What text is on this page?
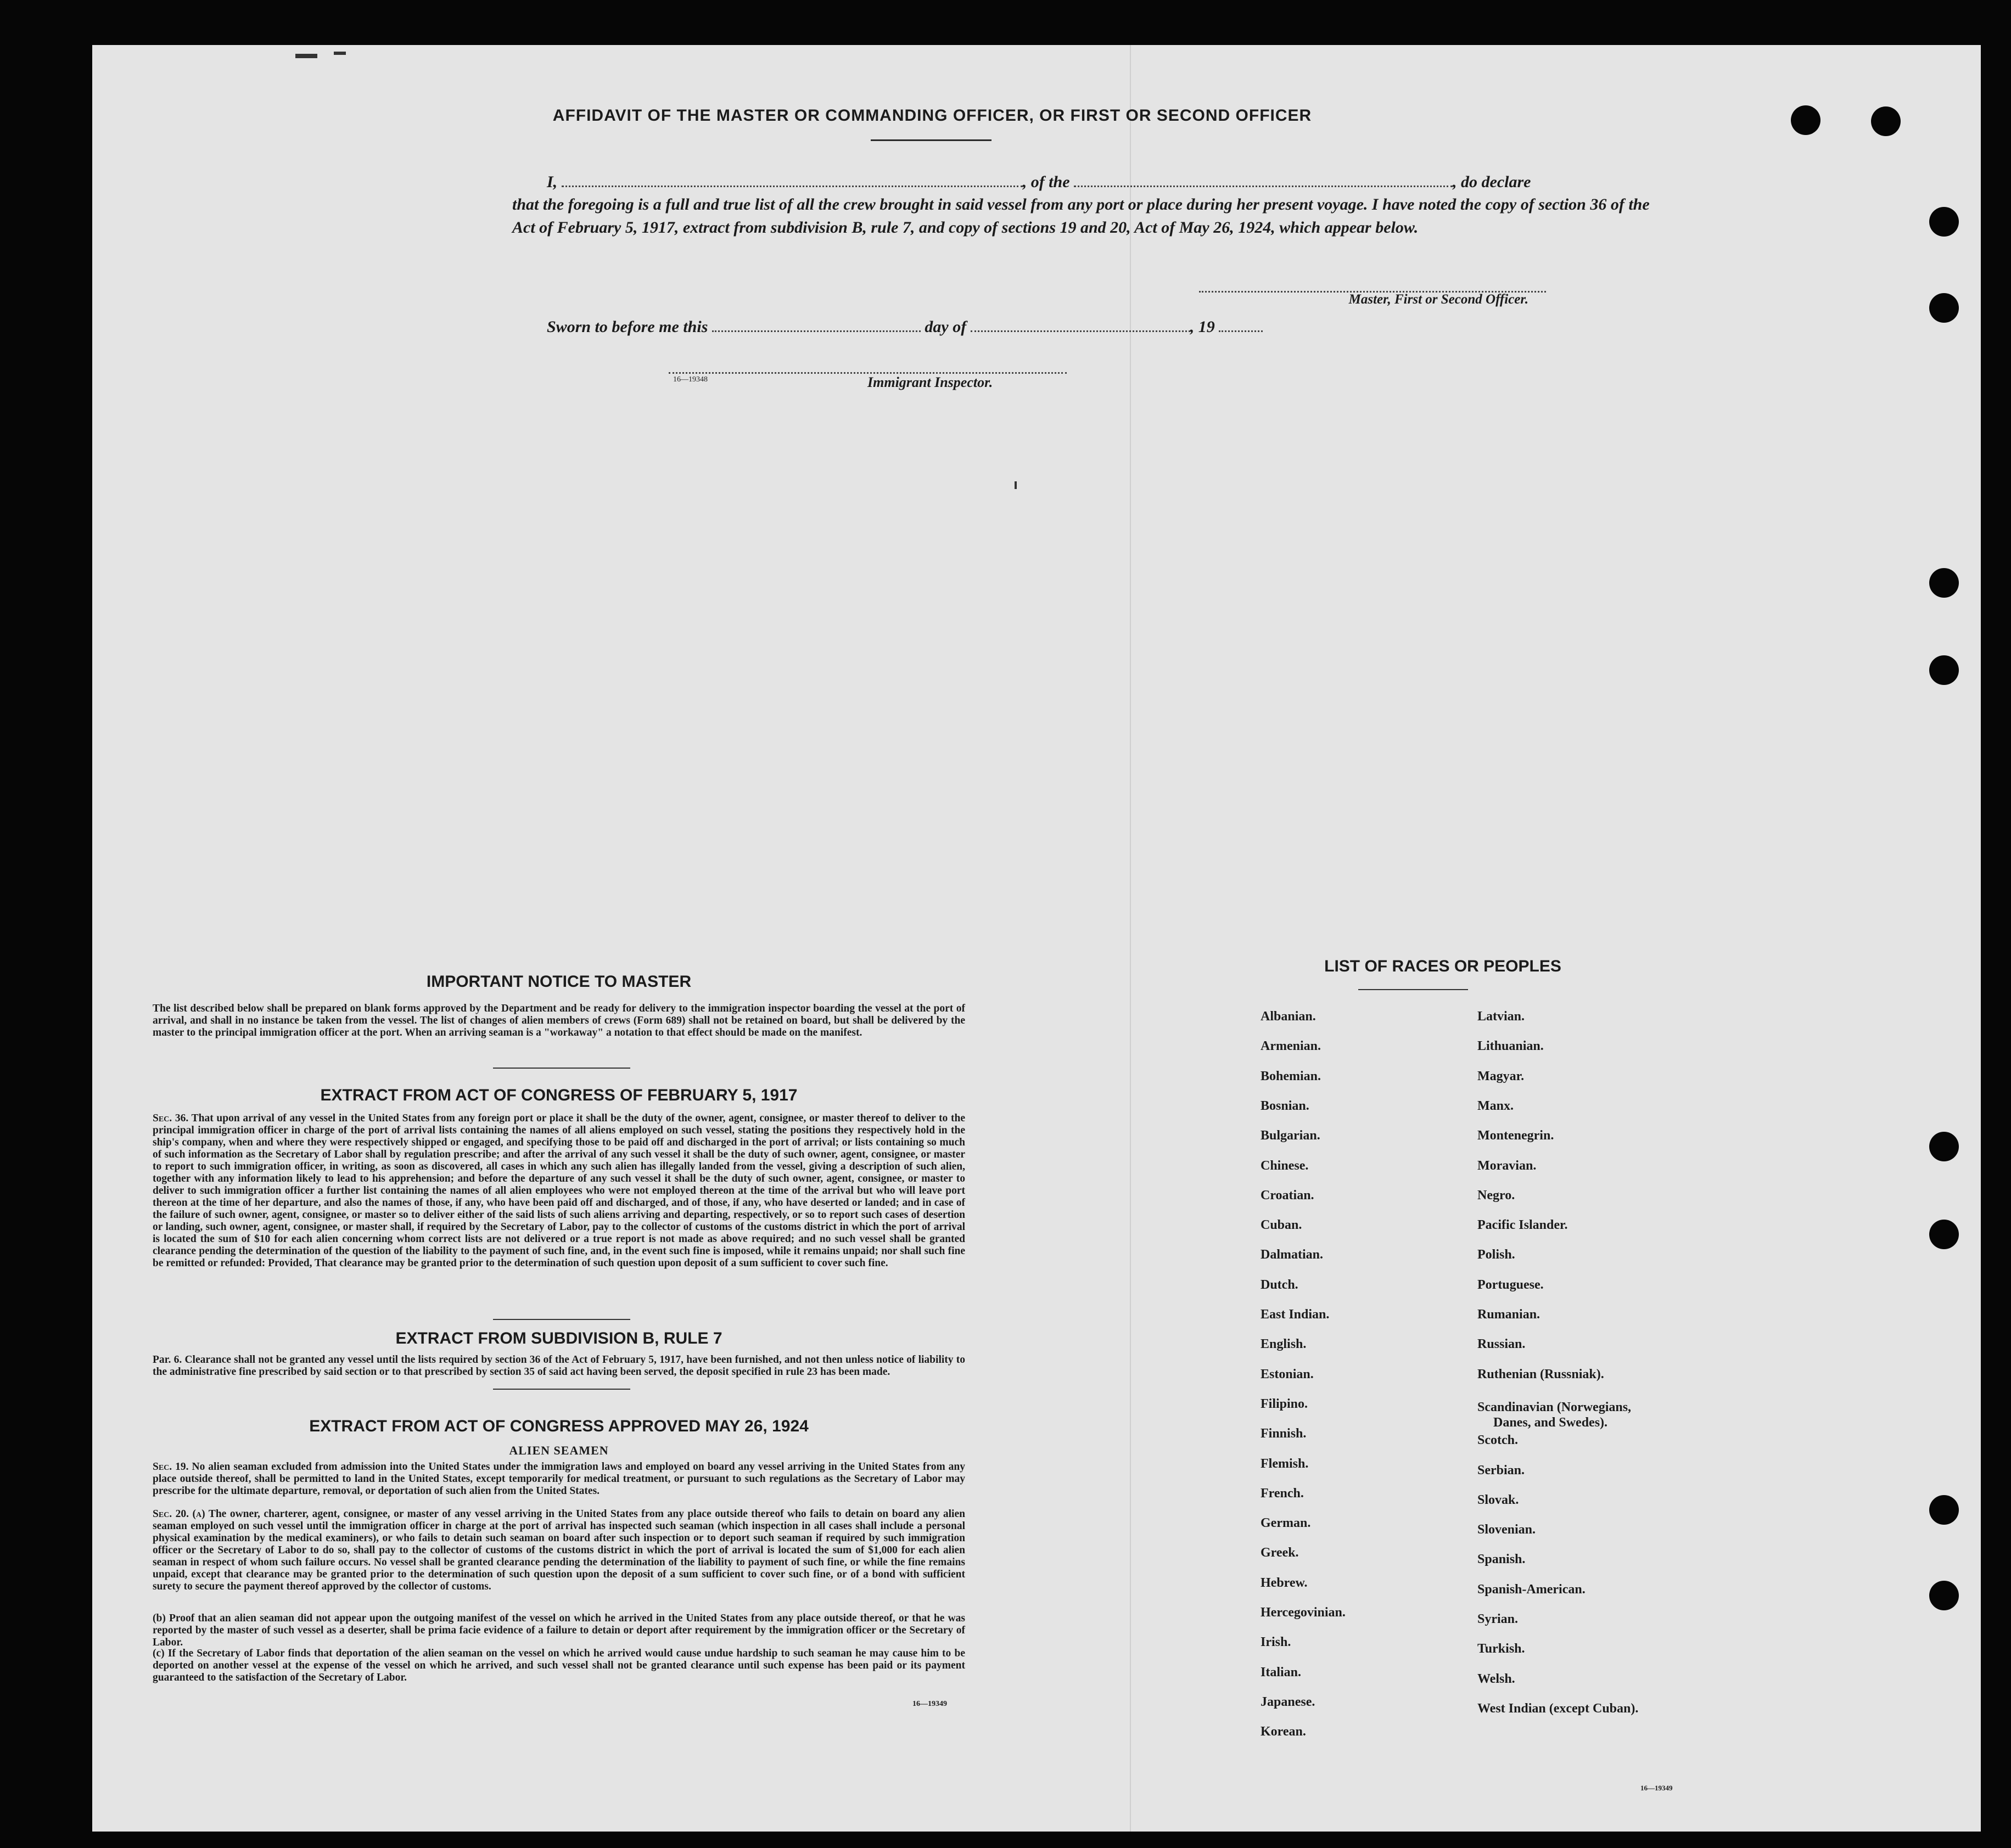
AFFIDAVIT OF THE MASTER OR COMMANDING OFFICER, OR FIRST OR SECOND OFFICER
I,	, of the	, do declare
that the foregoing is a full and true list of all the crew brought in said vessel from any port or place during her present voyage. I have noted the copy of section 36 of the Act of February 5, 1917, extract from subdivision B, rule 7, and copy of sections 19 and 20, Act of May 26, 1924, which appear below.
Master, First or Second Officer.
Sworn to before me this	day of	, 19
16—19348	Immigrant Inspector.
IMPORTANT NOTICE TO MASTER
The list described below shall be prepared on blank forms approved by the Department and be ready for delivery to the immigration inspector boarding the vessel at the port of arrival, and shall in no instance be taken from the vessel. The list of changes of alien members of crews (Form 689) shall not be retained on board, but shall be delivered by the master to the principal immigration officer at the port. When an arriving seaman is a "workaway" a notation to that effect should be made on the manifest.
EXTRACT FROM ACT OF CONGRESS OF FEBRUARY 5, 1917
Sec. 36. That upon arrival of any vessel in the United States from any foreign port or place it shall be the duty of the owner, agent, consignee, or master thereof to deliver to the principal immigration officer in charge of the port of arrival lists containing the names of all aliens employed on such vessel, stating the positions they respectively hold in the ship's company, when and where they were respectively shipped or engaged, and specifying those to be paid off and discharged in the port of arrival; or lists containing so much of such information as the Secretary of Labor shall by regulation prescribe; and after the arrival of any such vessel it shall be the duty of such owner, agent, consignee, or master to report to such immigration officer, in writing, as soon as discovered, all cases in which any such alien has illegally landed from the vessel, giving a description of such alien, together with any information likely to lead to his apprehension; and before the departure of any such vessel it shall be the duty of such owner, agent, consignee, or master to deliver to such immigration officer a further list containing the names of all alien employees who were not employed thereon at the time of the arrival but who will leave port thereon at the time of her departure, and also the names of those, if any, who have been paid off and discharged, and of those, if any, who have deserted or landed; and in case of the failure of such owner, agent, consignee, or master so to deliver either of the said lists of such aliens arriving and departing, respectively, or so to report such cases of desertion or landing, such owner, agent, consignee, or master shall, if required by the Secretary of Labor, pay to the collector of customs of the customs district in which the port of arrival is located the sum of $10 for each alien concerning whom correct lists are not delivered or a true report is not made as above required; and no such vessel shall be granted clearance pending the determination of the question of the liability to the payment of such fine, and, in the event such fine is imposed, while it remains unpaid; nor shall such fine be remitted or refunded: Provided, That clearance may be granted prior to the determination of such question upon deposit of a sum sufficient to cover such fine.
EXTRACT FROM SUBDIVISION B, RULE 7
Par. 6. Clearance shall not be granted any vessel until the lists required by section 36 of the Act of February 5, 1917, have been furnished, and not then unless notice of liability to the administrative fine prescribed by said section or to that prescribed by section 35 of said act having been served, the deposit specified in rule 23 has been made.
EXTRACT FROM ACT OF CONGRESS APPROVED MAY 26, 1924
ALIEN SEAMEN
Sec. 19. No alien seaman excluded from admission into the United States under the immigration laws and employed on board any vessel arriving in the United States from any place outside thereof, shall be permitted to land in the United States, except temporarily for medical treatment, or pursuant to such regulations as the Secretary of Labor may prescribe for the ultimate departure, removal, or deportation of such alien from the United States.
Sec. 20. (a) The owner, charterer, agent, consignee, or master of any vessel arriving in the United States from any place outside thereof who fails to detain on board any alien seaman employed on such vessel until the immigration officer in charge at the port of arrival has inspected such seaman (which inspection in all cases shall include a personal physical examination by the medical examiners), or who fails to detain such seaman on board after such inspection or to deport such seaman if required by such immigration officer or the Secretary of Labor to do so, shall pay to the collector of customs of the customs district in which the port of arrival is located the sum of $1,000 for each alien seaman in respect of whom such failure occurs. No vessel shall be granted clearance pending the determination of the liability to payment of such fine, or while the fine remains unpaid, except that clearance may be granted prior to the determination of such question upon the deposit of a sum sufficient to cover such fine, or of a bond with sufficient surety to secure the payment thereof approved by the collector of customs.
(b) Proof that an alien seaman did not appear upon the outgoing manifest of the vessel on which he arrived in the United States from any place outside thereof, or that he was reported by the master of such vessel as a deserter, shall be prima facie evidence of a failure to detain or deport after requirement by the immigration officer or the Secretary of Labor.
(c) If the Secretary of Labor finds that deportation of the alien seaman on the vessel on which he arrived would cause undue hardship to such seaman he may cause him to be deported on another vessel at the expense of the vessel on which he arrived, and such vessel shall not be granted clearance until such expense has been paid or its payment guaranteed to the satisfaction of the Secretary of Labor.
16—19349
LIST OF RACES OR PEOPLES
Albanian.
Armenian.
Bohemian.
Bosnian.
Bulgarian.
Chinese.
Croatian.
Cuban.
Dalmatian.
Dutch.
East Indian.
English.
Estonian.
Filipino.
Finnish.
Flemish.
French.
German.
Greek.
Hebrew.
Hercegovinian.
Irish.
Italian.
Japanese.
Korean.
Latvian.
Lithuanian.
Magyar.
Manx.
Montenegrin.
Moravian.
Negro.
Pacific Islander.
Polish.
Portuguese.
Rumanian.
Russian.
Ruthenian (Russniak).
Scandinavian (Norwegians,
Danes, and Swedes).
Scotch.
Serbian.
Slovak.
Slovenian.
Spanish.
Spanish-American.
Syrian.
Turkish.
Welsh.
West Indian (except Cuban).
16—19349
